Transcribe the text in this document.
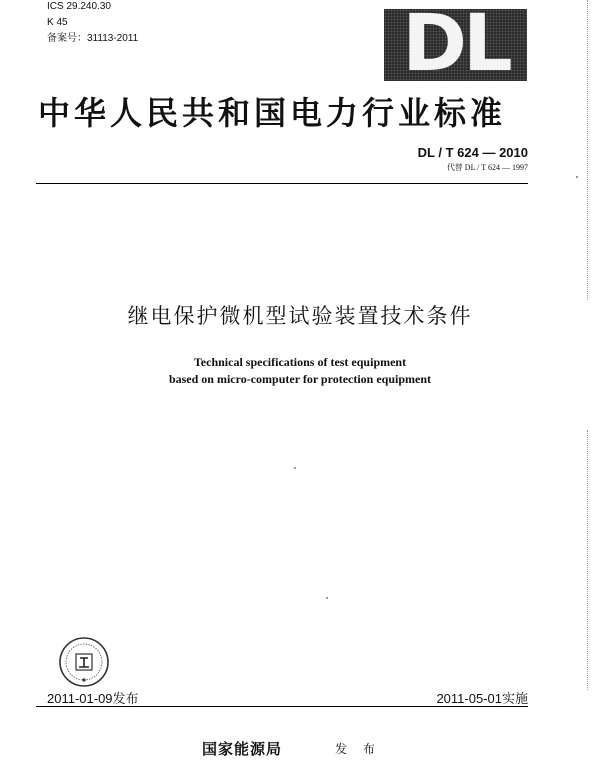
ICS 29.240.30
K 45
备案号：31113-2011	DL
中华人民共和国电力行业标准
DL / T 624 — 2010
代替 DL / T 624 — 1997
继电保护微机型试验装置技术条件
Technical specifications of test equipment
based on micro-computer for protection equipment
2011-01-09发布	2011-05-01实施
国家能源局	发 布
